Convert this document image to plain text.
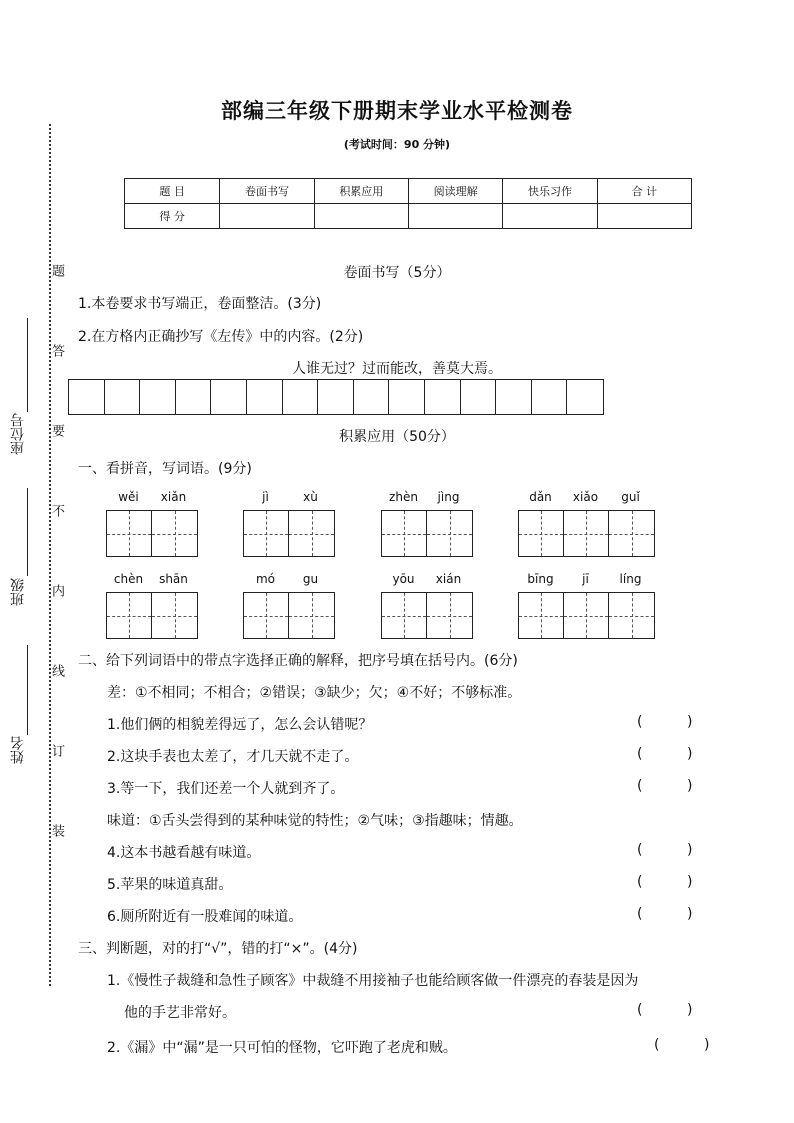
题
答
要
不
内
线
订
装
座位号
班级
姓名
部编三年级下册期末学业水平检测卷
(考试时间：90 分钟)
题 目	卷面书写	积累应用	阅读理解	快乐习作	合 计
得 分					
卷面书写（5分）
1.本卷要求书写端正，卷面整洁。(3分)
2.在方格内正确抄写《左传》中的内容。(2分)
人谁无过？过而能改，善莫大焉。
积累应用（50分）
一、看拼音，写词语。(9分)
wěi	xiǎn	jì	xù	zhèn	jìng	dǎn	xiǎo	guǐ
chèn	shān	mó	gu	yōu	xián	bīng	jī	líng
二、给下列词语中的带点字选择正确的解释，把序号填在括号内。(6分)
差：①不相同；不相合；②错误；③缺少；欠；④不好；不够标准。
1.他们俩的相貌差得远了，怎么会认错呢？	(          )
2.这块手表也太差了，才几天就不走了。	(          )
3.等一下，我们还差一个人就到齐了。	(          )
味道：①舌头尝得到的某种味觉的特性；②气味；③指趣味；情趣。
4.这本书越看越有味道。	(          )
5.苹果的味道真甜。	(          )
6.厕所附近有一股难闻的味道。	(          )
三、判断题，对的打“√”，错的打“×”。(4分)
1.《慢性子裁缝和急性子顾客》中裁缝不用接袖子也能给顾客做一件漂亮的春装是因为
他的手艺非常好。	(          )
2.《漏》中“漏”是一只可怕的怪物，它吓跑了老虎和贼。	(          )
